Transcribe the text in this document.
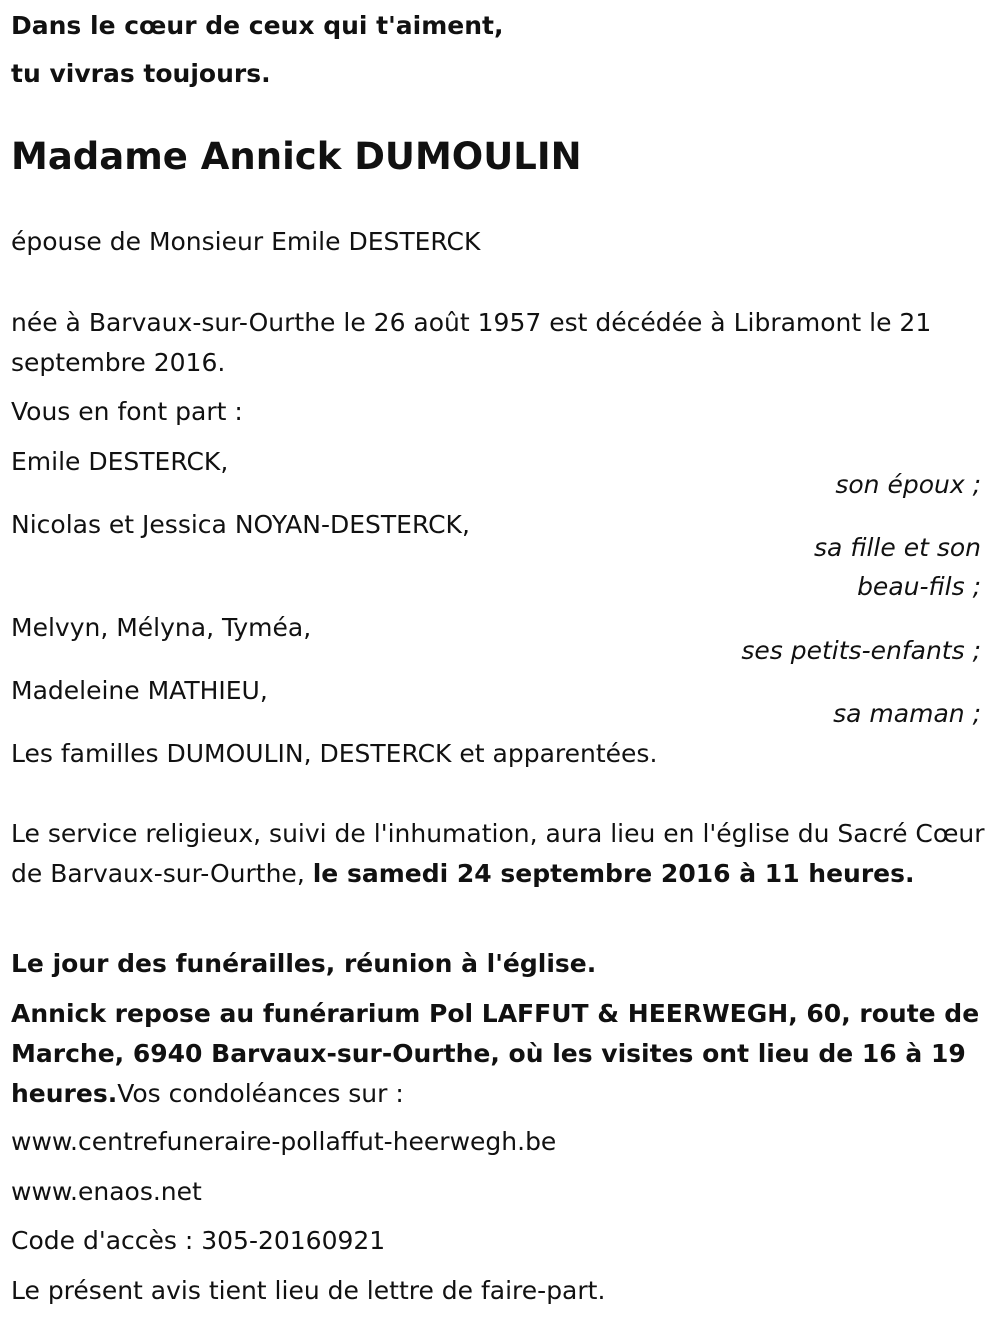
Dans le cœur de ceux qui t'aiment,
tu vivras toujours.
Madame Annick DUMOULIN
épouse de Monsieur Emile DESTERCK
née à Barvaux-sur-Ourthe le 26 août 1957 est décédée à Libramont le 21 septembre 2016.
Vous en font part :
Emile DESTERCK,
son époux ;
Nicolas et Jessica NOYAN-DESTERCK,
sa fille et son
beau-fils ;
Melvyn, Mélyna, Tyméa,
ses petits-enfants ;
Madeleine MATHIEU,
sa maman ;
Les familles DUMOULIN, DESTERCK et apparentées.
Le service religieux, suivi de l'inhumation, aura lieu en l'église du Sacré Cœur de Barvaux-sur-Ourthe, le samedi 24 septembre 2016 à 11 heures.
Le jour des funérailles, réunion à l'église.
Annick repose au funérarium Pol LAFFUT & HEERWEGH, 60, route de Marche, 6940 Barvaux-sur-Ourthe, où les visites ont lieu de 16 à 19 heures.Vos condoléances sur :
www.centrefuneraire-pollaffut-heerwegh.be
www.enaos.net
Code d'accès : 305-20160921
Le présent avis tient lieu de lettre de faire-part.
